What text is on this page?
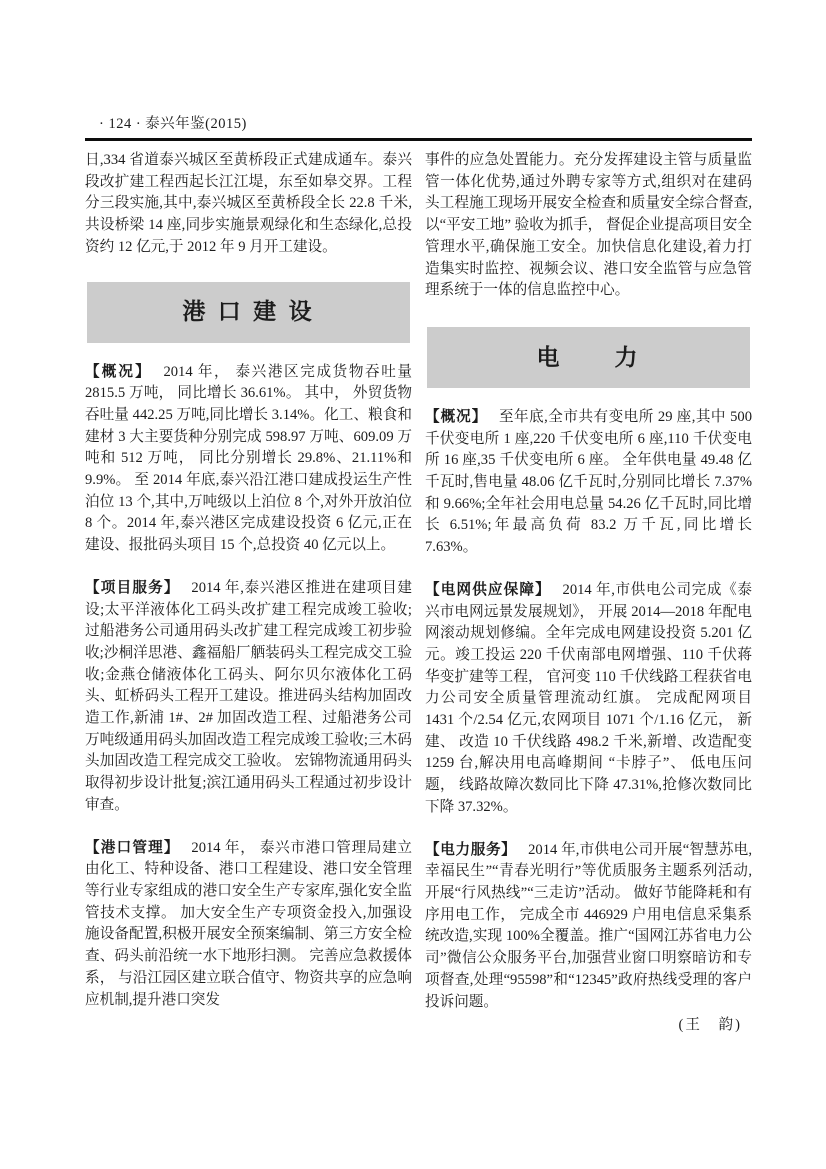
· 124 · 泰兴年鉴(2015)

日,334 省道泰兴城区至黄桥段正式建成通车。泰兴段改扩建工程西起长江江堤，东至如皋交界。工程分三段实施,其中,泰兴城区至黄桥段全长 22.8 千米,共设桥梁 14 座,同步实施景观绿化和生态绿化,总投资约 12 亿元,于 2012 年 9 月开工建设。

港 口 建 设

【概况】 2014 年， 泰兴港区完成货物吞吐量 2815.5 万吨， 同比增长 36.61%。 其中， 外贸货物吞吐量 442.25 万吨,同比增长 3.14%。化工、粮食和建材 3 大主要货种分别完成 598.97 万吨、609.09 万吨和 512 万吨， 同比分别增长 29.8%、21.11%和 9.9%。 至 2014 年底,泰兴沿江港口建成投运生产性泊位 13 个,其中,万吨级以上泊位 8 个,对外开放泊位 8 个。2014 年,泰兴港区完成建设投资 6 亿元,正在建设、报批码头项目 15 个,总投资 40 亿元以上。

【项目服务】 2014 年,泰兴港区推进在建项目建设;太平洋液体化工码头改扩建工程完成竣工验收;过船港务公司通用码头改扩建工程完成竣工初步验收;沙桐洋思港、鑫福船厂舾装码头工程完成交工验收;金燕仓储液体化工码头、阿尔贝尔液体化工码头、虹桥码头工程开工建设。推进码头结构加固改造工作,新浦 1#、2# 加固改造工程、过船港务公司万吨级通用码头加固改造工程完成竣工验收;三木码头加固改造工程完成交工验收。 宏锦物流通用码头取得初步设计批复;滨江通用码头工程通过初步设计审查。

【港口管理】 2014 年， 泰兴市港口管理局建立由化工、特种设备、港口工程建设、港口安全管理等行业专家组成的港口安全生产专家库,强化安全监管技术支撑。 加大安全生产专项资金投入,加强设施设备配置,积极开展安全预案编制、第三方安全检查、码头前沿统一水下地形扫测。 完善应急救援体系， 与沿江园区建立联合值守、物资共享的应急响应机制,提升港口突发

事件的应急处置能力。充分发挥建设主管与质量监管一体化优势,通过外聘专家等方式,组织对在建码头工程施工现场开展安全检查和质量安全综合督查,以“平安工地” 验收为抓手， 督促企业提高项目安全管理水平,确保施工安全。加快信息化建设,着力打造集实时监控、视频会议、港口安全监管与应急管理系统于一体的信息监控中心。

电　　力

【概况】 至年底,全市共有变电所 29 座,其中 500 千伏变电所 1 座,220 千伏变电所 6 座,110 千伏变电所 16 座,35 千伏变电所 6 座。 全年供电量 49.48 亿千瓦时,售电量 48.06 亿千瓦时,分别同比增长 7.37%和 9.66%;全年社会用电总量 54.26 亿千瓦时,同比增长 6.51%;年最高负荷 83.2 万千瓦,同比增长 7.63%。

【电网供应保障】 2014 年,市供电公司完成《泰兴市电网远景发展规划》， 开展 2014—2018 年配电网滚动规划修编。全年完成电网建设投资 5.201 亿元。竣工投运 220 千伏南部电网增强、110 千伏蒋华变扩建等工程， 官河变 110 千伏线路工程获省电力公司安全质量管理流动红旗。 完成配网项目 1431 个/2.54 亿元,农网项目 1071 个/1.16 亿元， 新建、 改造 10 千伏线路 498.2 千米,新增、改造配变 1259 台,解决用电高峰期间 “卡脖子”、 低电压问题， 线路故障次数同比下降 47.31%,抢修次数同比下降 37.32%。

【电力服务】 2014 年,市供电公司开展“智慧苏电,幸福民生”“青春光明行”等优质服务主题系列活动,开展“行风热线”“三走访”活动。 做好节能降耗和有序用电工作， 完成全市 446929 户用电信息采集系统改造,实现 100%全覆盖。推广“国网江苏省电力公司”微信公众服务平台,加强营业窗口明察暗访和专项督查,处理“95598”和“12345”政府热线受理的客户投诉问题。

(王　韵)
